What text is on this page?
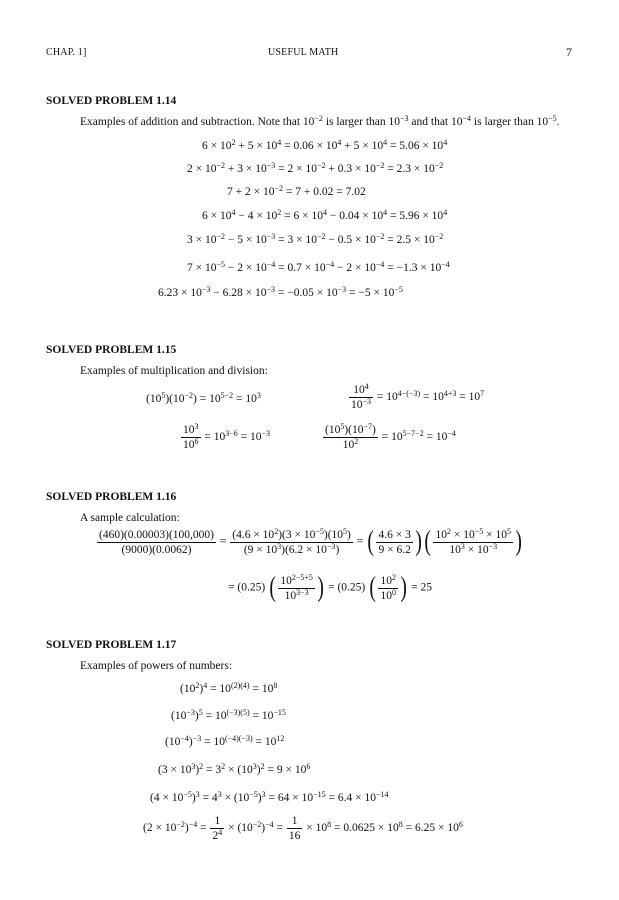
CHAP. 1]	USEFUL MATH	7
SOLVED PROBLEM 1.14
Examples of addition and subtraction. Note that $10^{-2}$ is larger than $10^{-3}$ and that $10^{-4}$ is larger than $10^{-5}$.
$6 \times 10^2 + 5 \times 10^4 = 0.06 \times 10^4 + 5 \times 10^4 = 5.06 \times 10^4$
$2 \times 10^{-2} + 3 \times 10^{-3} = 2 \times 10^{-2} + 0.3 \times 10^{-2} = 2.3 \times 10^{-2}$
$7 + 2 \times 10^{-2} = 7 + 0.02 = 7.02$
$6 \times 10^4 - 4 \times 10^2 = 6 \times 10^4 - 0.04 \times 10^4 = 5.96 \times 10^4$
$3 \times 10^{-2} - 5 \times 10^{-3} = 3 \times 10^{-2} - 0.5 \times 10^{-2} = 2.5 \times 10^{-2}$
$7 \times 10^{-5} - 2 \times 10^{-4} = 0.7 \times 10^{-4} - 2 \times 10^{-4} = -1.3 \times 10^{-4}$
$6.23 \times 10^{-3} - 6.28 \times 10^{-3} = -0.05 \times 10^{-3} = -5 \times 10^{-5}$
SOLVED PROBLEM 1.15
Examples of multiplication and division:
$(10^5)(10^{-2}) = 10^{5-2} = 10^3$	$\frac{10^4}{10^{-3}} = 10^{4-(-3)} = 10^{4+3} = 10^7$
$\frac{10^3}{10^6} = 10^{3-6} = 10^{-3}$	$\frac{(10^5)(10^{-7})}{10^2} = 10^{5-7-2} = 10^{-4}$
SOLVED PROBLEM 1.16
A sample calculation:
$\frac{(460)(0.00003)(100,000)}{(9000)(0.0062)} = \frac{(4.6 \times 10^2)(3 \times 10^{-5})(10^5)}{(9 \times 10^3)(6.2 \times 10^{-3})}$ = ( $\frac{4.6 \times 3}{9 \times 6.2}$ )( $\frac{10^2 \times 10^{-5} \times 10^5}{10^3 \times 10^{-3}}$ )
= (0.25) ( $\frac{10^{2-5+5}}{10^{3-3}}$ ) = (0.25) ( $\frac{10^2}{10^0}$ ) = 25
SOLVED PROBLEM 1.17
Examples of powers of numbers:
$(10^2)^4 = 10^{(2)(4)} = 10^8$
$(10^{-3})^5 = 10^{(-3)(5)} = 10^{-15}$
$(10^{-4})^{-3} = 10^{(-4)(-3)} = 10^{12}$
$(3 \times 10^3)^2 = 3^2 \times (10^3)^2 = 9 \times 10^6$
$(4 \times 10^{-5})^3 = 4^3 \times (10^{-5})^3 = 64 \times 10^{-15} = 6.4 \times 10^{-14}$
$(2 \times 10^{-2})^{-4} = \frac{1}{2^4} \times (10^{-2})^{-4} = \frac{1}{16} \times 10^8 = 0.0625 \times 10^8 = 6.25 \times 10^6$
